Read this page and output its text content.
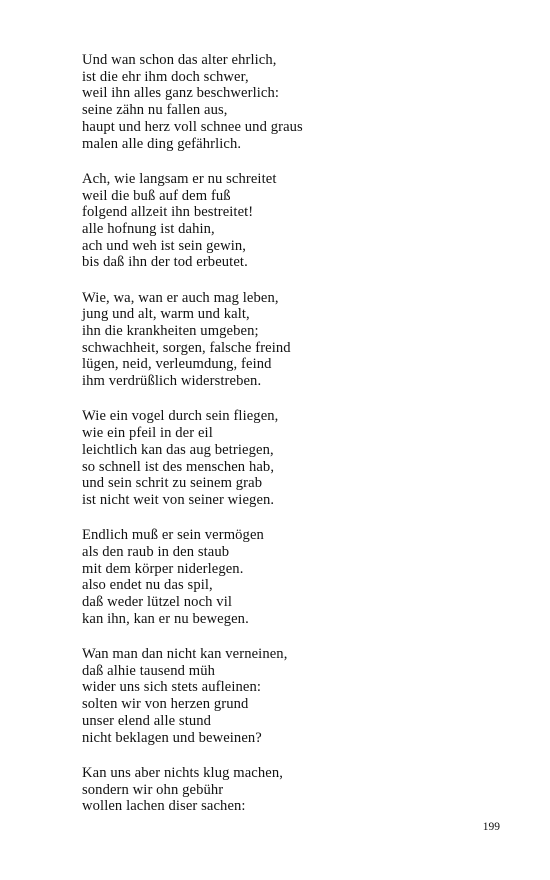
Und wan schon das alter ehrlich,
ist die ehr ihm doch schwer,
weil ihn alles ganz beschwerlich:
seine zähn nu fallen aus,
haupt und herz voll schnee und graus
malen alle ding gefährlich.
Ach, wie langsam er nu schreitet
weil die buß auf dem fuß
folgend allzeit ihn bestreitet!
alle hofnung ist dahin,
ach und weh ist sein gewin,
bis daß ihn der tod erbeutet.
Wie, wa, wan er auch mag leben,
jung und alt, warm und kalt,
ihn die krankheiten umgeben;
schwachheit, sorgen, falsche freind
lügen, neid, verleumdung, feind
ihm verdrüßlich widerstreben.
Wie ein vogel durch sein fliegen,
wie ein pfeil in der eil
leichtlich kan das aug betriegen,
so schnell ist des menschen hab,
und sein schrit zu seinem grab
ist nicht weit von seiner wiegen.
Endlich muß er sein vermögen
als den raub in den staub
mit dem körper niderlegen.
also endet nu das spil,
daß weder lützel noch vil
kan ihn, kan er nu bewegen.
Wan man dan nicht kan verneinen,
daß alhie tausend müh
wider uns sich stets aufleinen:
solten wir von herzen grund
unser elend alle stund
nicht beklagen und beweinen?
Kan uns aber nichts klug machen,
sondern wir ohn gebühr
wollen lachen diser sachen:
199
